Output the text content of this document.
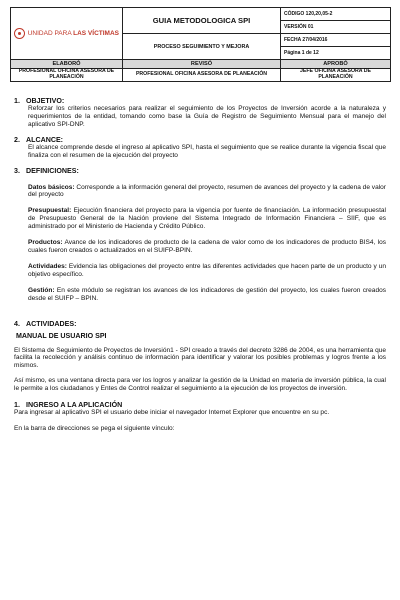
UNIDAD PARA LAS VÍCTIMAS	GUIA METODOLOGICA SPI	CÓDIGO 120,20,05-2
		VERSIÓN 01
	PROCESO SEGUIMIENTO Y MEJORA	FECHA 27/04/2016
		Página 1 de 12
ELABORÓ	REVISÓ	APROBÓ
PROFESIONAL OFICINA ASESORA DE PLANEACIÓN	PROFESIONAL OFICINA ASESORA DE PLANEACIÓN	JEFE OFICINA ASESORA DE PLANEACIÓN
1. OBJETIVO:

Reforzar los criterios necesarios para realizar el seguimiento de los Proyectos de Inversión acorde a la naturaleza y requerimientos de la entidad, tomando como base la Guía de Registro de Seguimiento Mensual para el manejo del aplicativo SPI-DNP.

2. ALCANCE:

El alcance comprende desde el ingreso al aplicativo SPI, hasta el seguimiento que se realice durante la vigencia fiscal que finaliza con el resumen de la ejecución del proyecto

3. DEFINICIONES:

Datos básicos: Corresponde a la información general del proyecto, resumen de avances del proyecto y la cadena de valor del proyecto

Presupuestal: Ejecución financiera del proyecto para la vigencia por fuente de financiación. La información presupuestal de Presupuesto General de la Nación proviene del Sistema Integrado de Información Financiera – SIIF, que es administrado por el Ministerio de Hacienda y Crédito Público.

Productos: Avance de los indicadores de producto de la cadena de valor como de los indicadores de producto BIS4, los cuales fueron creados o actualizados en el SUIFP-BPIN.

Actividades: Evidencia las obligaciones del proyecto entre las diferentes actividades que hacen parte de un producto y un objetivo específico.

Gestión: En este módulo se registran los avances de los indicadores de gestión del proyecto, los cuales fueron creados desde el SUIFP – BPIN.

4. ACTIVIDADES:
MANUAL DE USUARIO SPI

El Sistema de Seguimiento de Proyectos de Inversión1 - SPI creado a través del decreto 3286 de 2004, es una herramienta que facilita la recolección y análisis continuo de información para identificar y valorar los posibles problemas y logros frente a los mismos.

Así mismo, es una ventana directa para ver los logros y analizar la gestión de la Unidad en materia de inversión pública, la cual le permite a los ciudadanos y Entes de Control realizar el seguimiento a la ejecución de los proyectos de inversión.

1. INGRESO A LA APLICACIÓN

Para ingresar al aplicativo SPI el usuario debe iniciar el navegador Internet Explorer que encuentre en su pc.

En la barra de direcciones se pega el siguiente vínculo:
